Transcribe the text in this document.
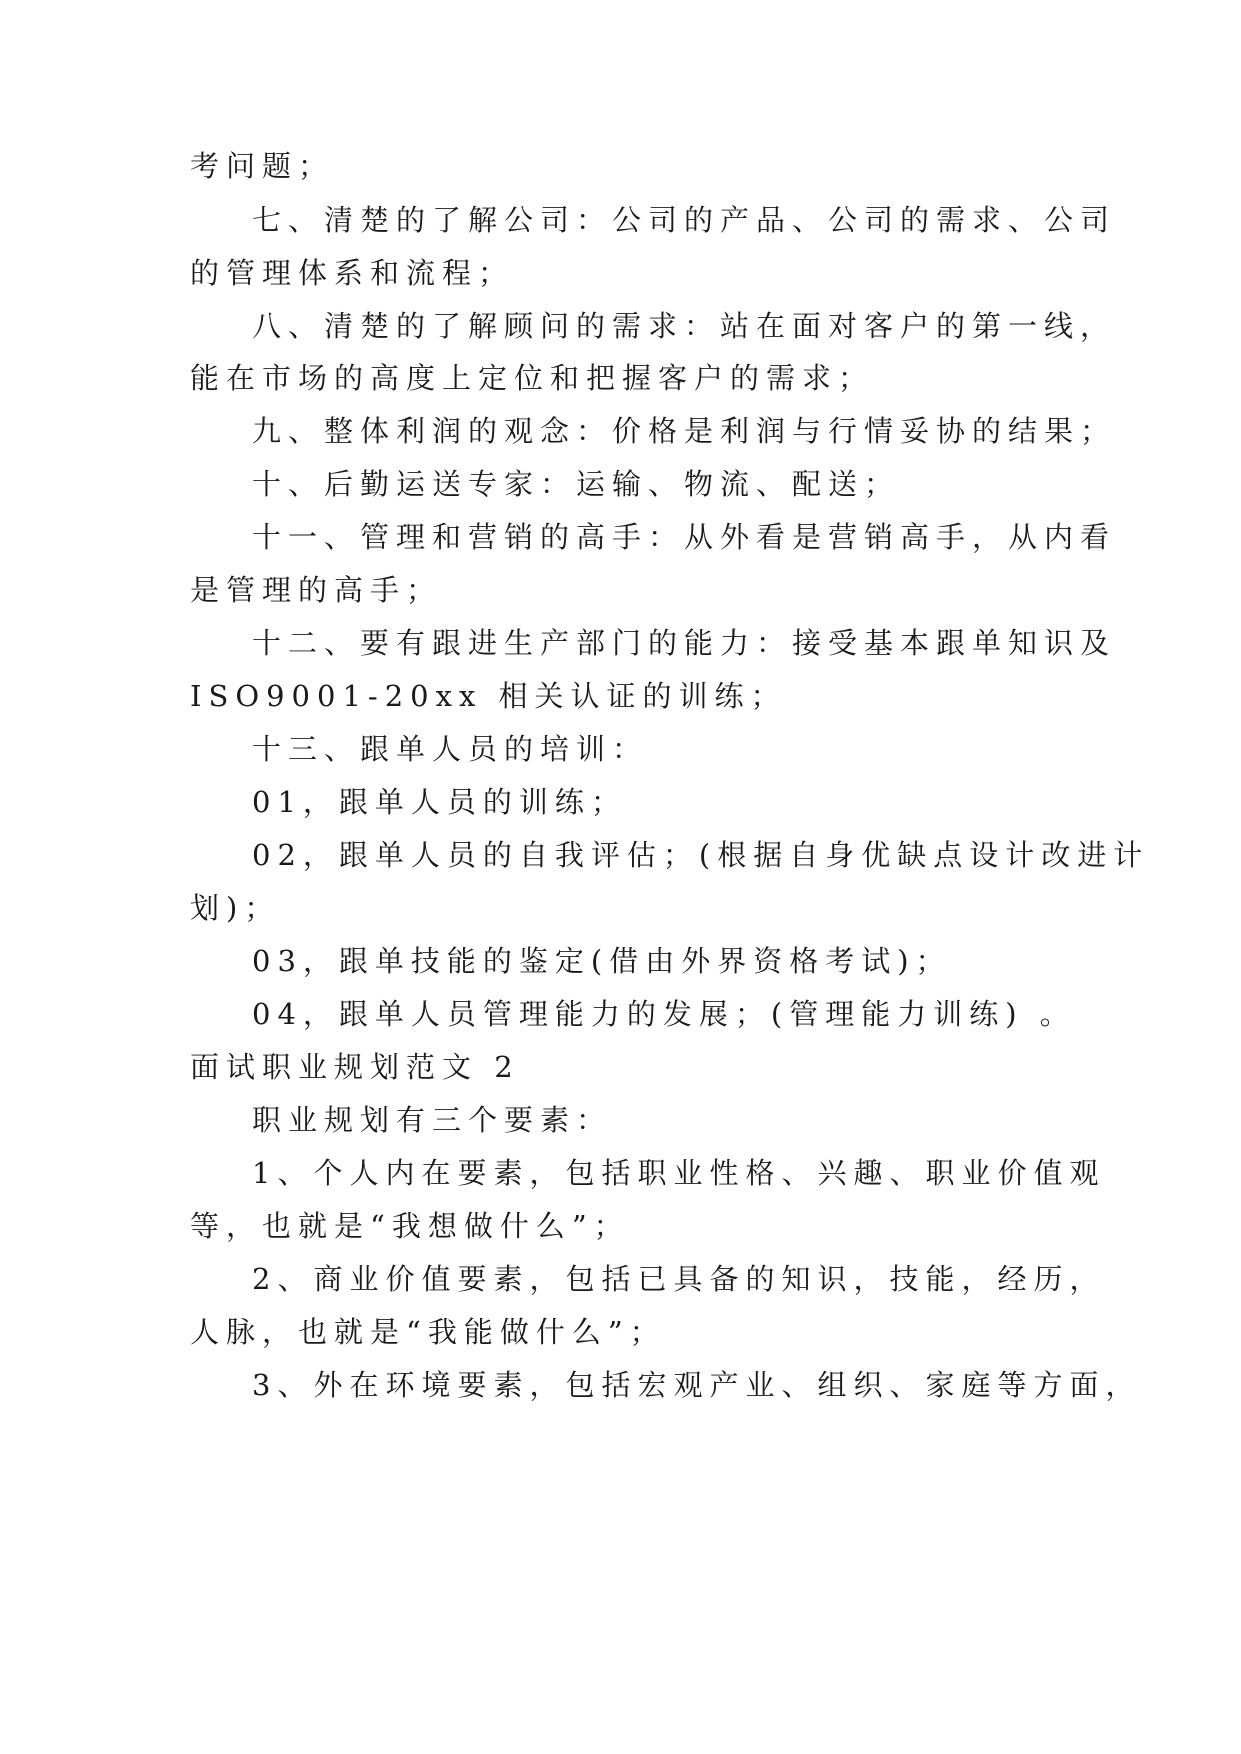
考问题；
七、清楚的了解公司：公司的产品、公司的需求、公司
的管理体系和流程；
八、清楚的了解顾问的需求：站在面对客户的第一线，
能在市场的高度上定位和把握客户的需求；
九、整体利润的观念：价格是利润与行情妥协的结果；
十、后勤运送专家：运输、物流、配送；
十一、管理和营销的高手：从外看是营销高手，从内看
是管理的高手；
十二、要有跟进生产部门的能力：接受基本跟单知识及
ISO9001-20xx 相关认证的训练；
十三、跟单人员的培训：
01，跟单人员的训练；
02，跟单人员的自我评估；(根据自身优缺点设计改进计
划)；
03，跟单技能的鉴定(借由外界资格考试)；
04，跟单人员管理能力的发展；(管理能力训练) 。
面试职业规划范文 2
职业规划有三个要素：
1、个人内在要素，包括职业性格、兴趣、职业价值观
等，也就是“我想做什么”；
2、商业价值要素，包括已具备的知识，技能，经历，
人脉，也就是“我能做什么”；
3、外在环境要素，包括宏观产业、组织、家庭等方面，
